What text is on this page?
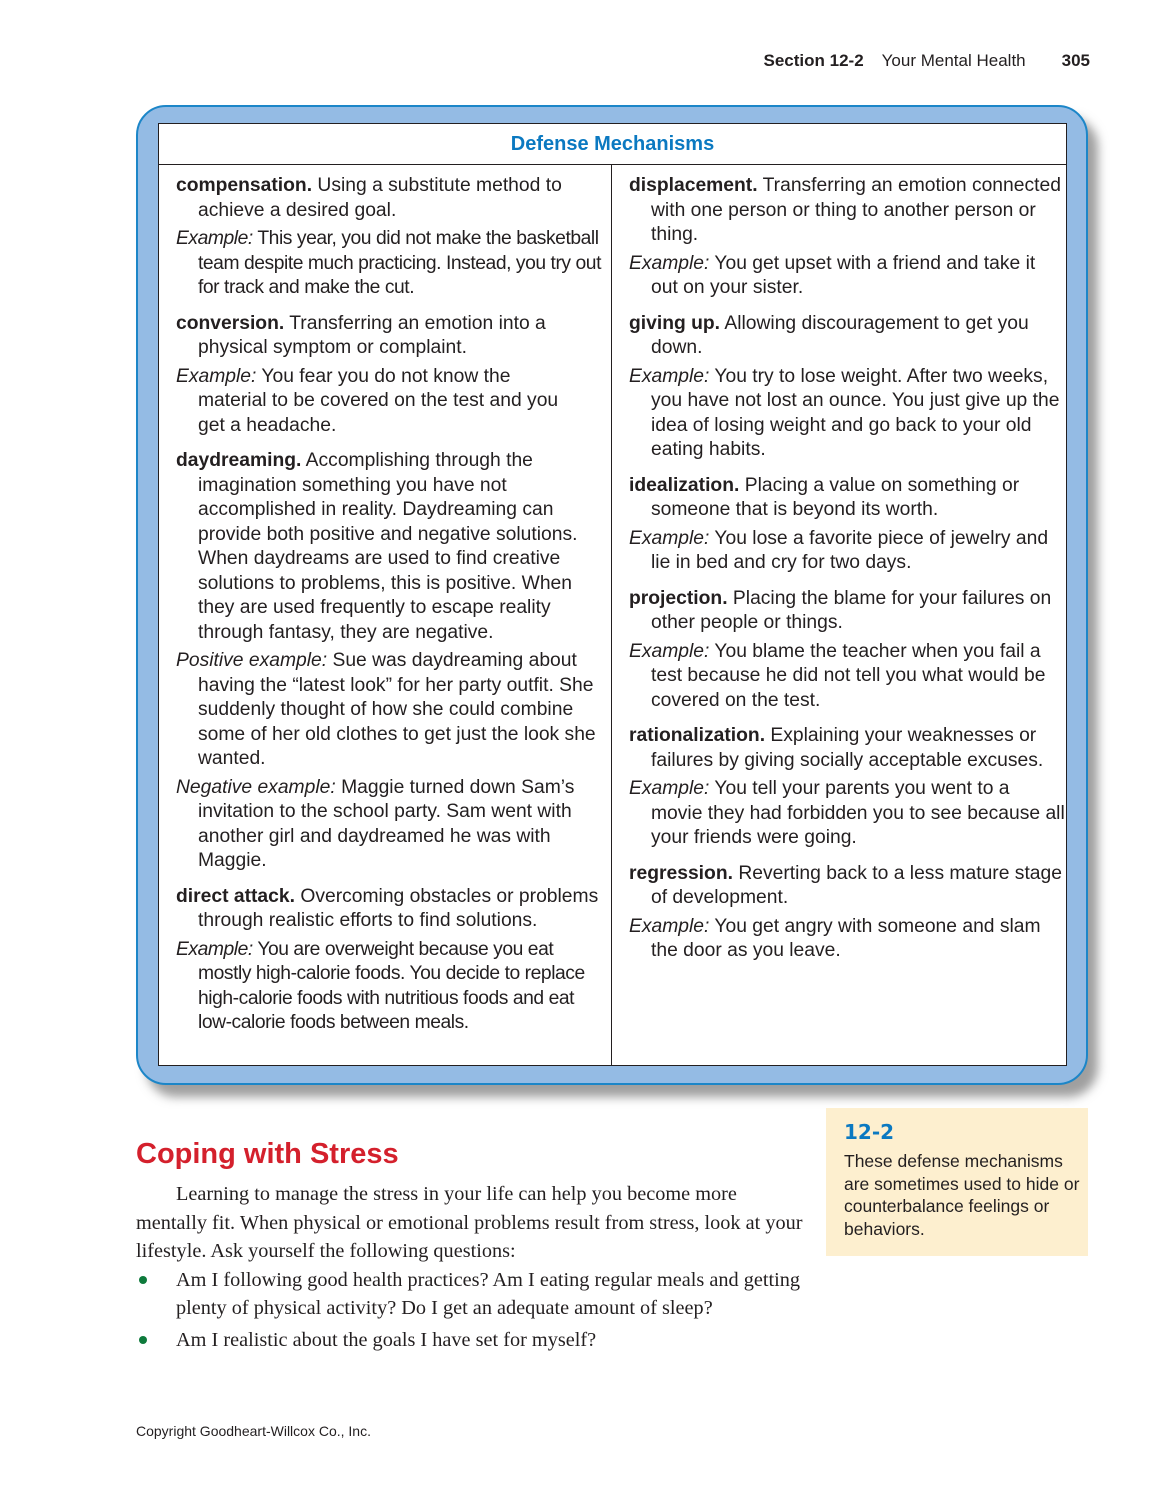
Section 12-2 Your Mental Health 305
Defense Mechanisms
compensation. Using a substitute method to achieve a desired goal.
Example: This year, you did not make the basketball team despite much practicing. Instead, you try out for track and make the cut.
conversion. Transferring an emotion into a physical symptom or complaint.
Example: You fear you do not know the material to be covered on the test and you get a headache.
daydreaming. Accomplishing through the imagination something you have not accomplished in reality. Daydreaming can provide both positive and negative solutions. When daydreams are used to find creative solutions to problems, this is positive. When they are used frequently to escape reality through fantasy, they are negative.
Positive example: Sue was daydreaming about having the “latest look” for her party outfit. She suddenly thought of how she could combine some of her old clothes to get just the look she wanted.
Negative example: Maggie turned down Sam’s invitation to the school party. Sam went with another girl and daydreamed he was with Maggie.
direct attack. Overcoming obstacles or problems through realistic efforts to find solutions.
Example: You are overweight because you eat mostly high-calorie foods. You decide to replace high-calorie foods with nutritious foods and eat low-calorie foods between meals.
displacement. Transferring an emotion connected with one person or thing to another person or thing.
Example: You get upset with a friend and take it out on your sister.
giving up. Allowing discouragement to get you down.
Example: You try to lose weight. After two weeks, you have not lost an ounce. You just give up the idea of losing weight and go back to your old eating habits.
idealization. Placing a value on something or someone that is beyond its worth.
Example: You lose a favorite piece of jewelry and lie in bed and cry for two days.
projection. Placing the blame for your failures on other people or things.
Example: You blame the teacher when you fail a test because he did not tell you what would be covered on the test.
rationalization. Explaining your weaknesses or failures by giving socially acceptable excuses.
Example: You tell your parents you went to a movie they had forbidden you to see because all your friends were going.
regression. Reverting back to a less mature stage of development.
Example: You get angry with someone and slam the door as you leave.
Coping with Stress

Learning to manage the stress in your life can help you become more mentally fit. When physical or emotional problems result from stress, look at your lifestyle. Ask yourself the following questions:

Am I following good health practices? Am I eating regular meals and getting plenty of physical activity? Do I get an adequate amount of sleep?
Am I realistic about the goals I have set for myself?
12-2
These defense mechanisms are sometimes used to hide or counterbalance feelings or behaviors.
Copyright Goodheart-Willcox Co., Inc.
